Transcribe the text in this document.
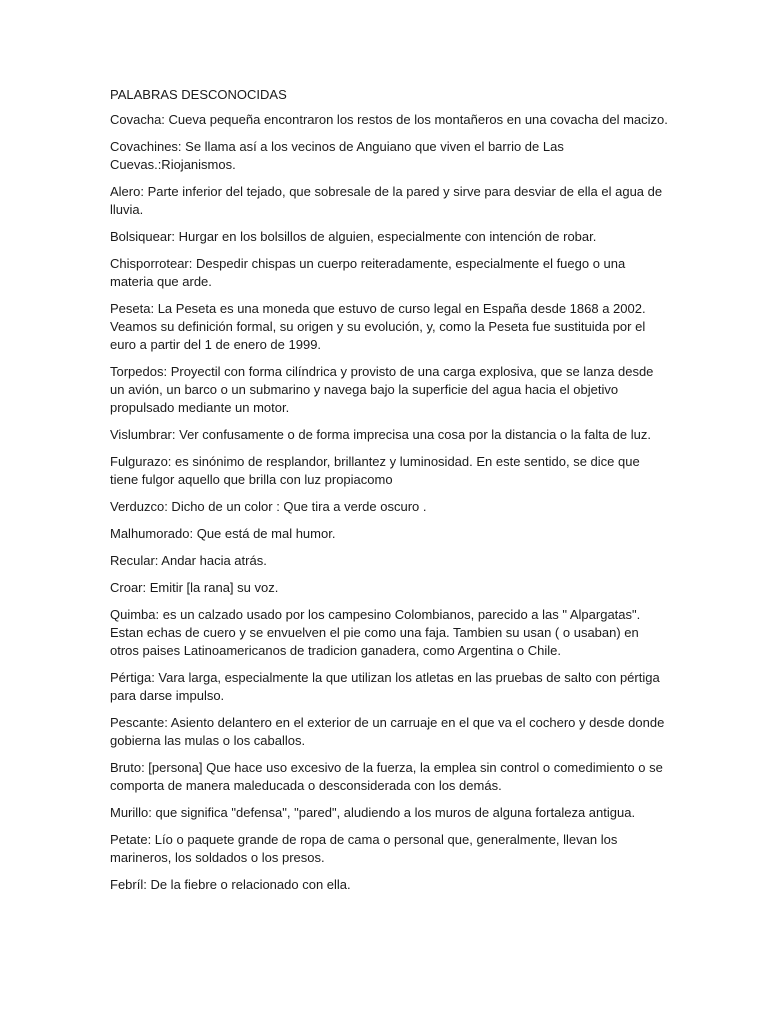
PALABRAS DESCONOCIDAS

Covacha: Cueva pequeña encontraron los restos de los montañeros en una covacha del macizo.

Covachines: Se llama así a los vecinos de Anguiano que viven el barrio de Las Cuevas.:Riojanismos.

Alero: Parte inferior del tejado, que sobresale de la pared y sirve para desviar de ella el agua de lluvia.

Bolsiquear: Hurgar en los bolsillos de alguien, especialmente con intención de robar.

Chisporrotear: Despedir chispas un cuerpo reiteradamente, especialmente el fuego o una materia que arde.

Peseta: La Peseta es una moneda que estuvo de curso legal en España desde 1868 a 2002. Veamos su definición formal, su origen y su evolución, y, como la Peseta fue sustituida por el euro a partir del 1 de enero de 1999.

Torpedos: Proyectil con forma cilíndrica y provisto de una carga explosiva, que se lanza desde un avión, un barco o un submarino y navega bajo la superficie del agua hacia el objetivo propulsado mediante un motor.

Vislumbrar: Ver confusamente o de forma imprecisa una cosa por la distancia o la falta de luz.

Fulgurazo: es sinónimo de resplandor, brillantez y luminosidad. En este sentido, se dice que tiene fulgor aquello que brilla con luz propiacomo

Verduzco: Dicho de un color : Que tira a verde oscuro .

Malhumorado: Que está de mal humor.

Recular: Andar hacia atrás.

Croar: Emitir [la rana] su voz.

Quimba: es un calzado usado por los campesino Colombianos, parecido a las " Alpargatas". Estan echas de cuero y se envuelven el pie como una faja. Tambien su usan ( o usaban) en otros paises Latinoamericanos de tradicion ganadera, como Argentina o Chile.

Pértiga: Vara larga, especialmente la que utilizan los atletas en las pruebas de salto con pértiga para darse impulso.

Pescante: Asiento delantero en el exterior de un carruaje en el que va el cochero y desde donde gobierna las mulas o los caballos.

Bruto: [persona] Que hace uso excesivo de la fuerza, la emplea sin control o comedimiento o se comporta de manera maleducada o desconsiderada con los demás.

Murillo: que significa "defensa", "pared", aludiendo a los muros de alguna fortaleza antigua.

Petate: Lío o paquete grande de ropa de cama o personal que, generalmente, llevan los marineros, los soldados o los presos.

Febríl: De la fiebre o relacionado con ella.
